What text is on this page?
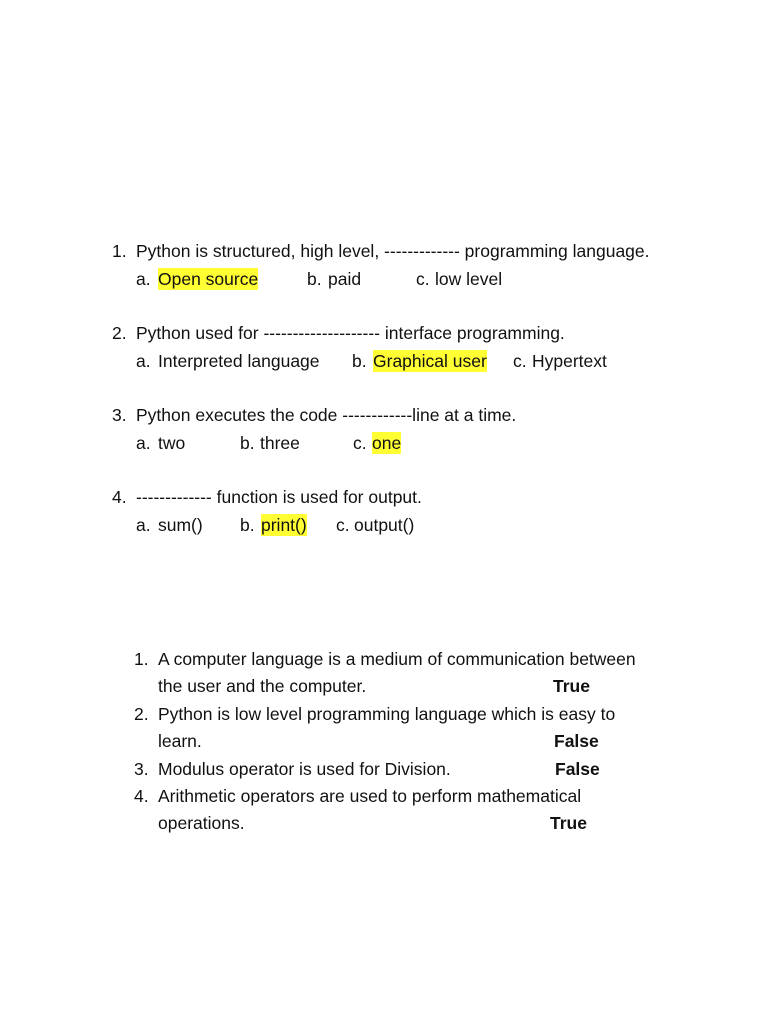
1. Python is structured, high level, ------------- programming language.
a. Open source	b. paid	c. low level
2. Python used for -------------------- interface programming.
a. Interpreted language b. Graphical user c. Hypertext
3. Python executes the code ------------line at a time.
a. two	b. three	c. one
4. ------------- function is used for output.
a. sum() b. print() c. output()
1. A computer language is a medium of communication between
the user and the computer.	True
2. Python is low level programming language which is easy to
learn.	False
3. Modulus operator is used for Division.	False
4. Arithmetic operators are used to perform mathematical
operations.	True
